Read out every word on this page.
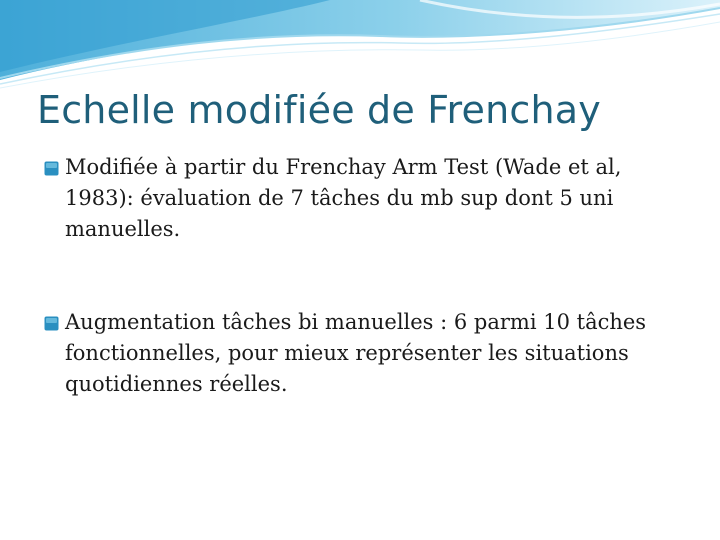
Echelle modifiée de Frenchay
Modifiée à partir du Frenchay Arm Test (Wade et al, 1983): évaluation de 7 tâches du mb sup dont 5 uni manuelles.
Augmentation tâches bi manuelles : 6 parmi 10 tâches fonctionnelles, pour mieux représenter les situations quotidiennes réelles.
